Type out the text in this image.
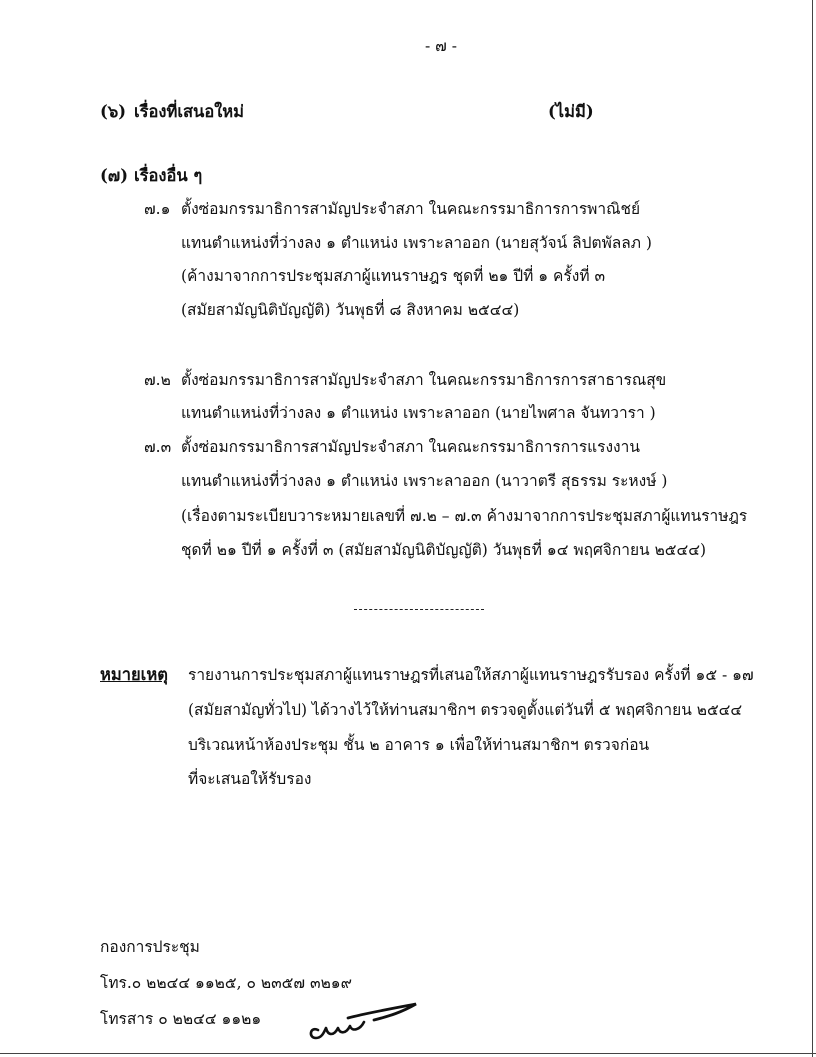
- ๗ -
(๖) เรื่องที่เสนอใหม่	(ไม่มี)
(๗) เรื่องอื่น ๆ
๗.๑ ตั้งซ่อมกรรมาธิการสามัญประจำสภา ในคณะกรรมาธิการการพาณิชย์
แทนตำแหน่งที่ว่างลง ๑ ตำแหน่ง เพราะลาออก (นายสุวัจน์ ลิปตพัลลภ )
(ค้างมาจากการประชุมสภาผู้แทนราษฎร ชุดที่ ๒๑ ปีที่ ๑ ครั้งที่ ๓
(สมัยสามัญนิติบัญญัติ) วันพุธที่ ๘ สิงหาคม ๒๕๔๔)
๗.๒ ตั้งซ่อมกรรมาธิการสามัญประจำสภา ในคณะกรรมาธิการการสาธารณสุข
แทนตำแหน่งที่ว่างลง ๑ ตำแหน่ง เพราะลาออก (นายไพศาล จันทวารา )
๗.๓ ตั้งซ่อมกรรมาธิการสามัญประจำสภา ในคณะกรรมาธิการการแรงงาน
แทนตำแหน่งที่ว่างลง ๑ ตำแหน่ง เพราะลาออก (นาวาตรี สุธรรม ระหงษ์ )
(เรื่องตามระเบียบวาระหมายเลขที่ ๗.๒ – ๗.๓ ค้างมาจากการประชุมสภาผู้แทนราษฎร
ชุดที่ ๒๑ ปีที่ ๑ ครั้งที่ ๓ (สมัยสามัญนิติบัญญัติ) วันพุธที่ ๑๔ พฤศจิกายน ๒๕๔๔)
------------------------
หมายเหตุ รายงานการประชุมสภาผู้แทนราษฎรที่เสนอให้สภาผู้แทนราษฎรรับรอง ครั้งที่ ๑๕ - ๑๗
(สมัยสามัญทั่วไป) ได้วางไว้ให้ท่านสมาชิกฯ ตรวจดูตั้งแต่วันที่ ๕ พฤศจิกายน ๒๕๔๔
บริเวณหน้าห้องประชุม ชั้น ๒ อาคาร ๑ เพื่อให้ท่านสมาชิกฯ ตรวจก่อน
ที่จะเสนอให้รับรอง
กองการประชุม
โทร.๐ ๒๒๔๔ ๑๑๒๕, ๐ ๒๓๕๗ ๓๒๑๙
โทรสาร ๐ ๒๒๔๔ ๑๑๒๑
